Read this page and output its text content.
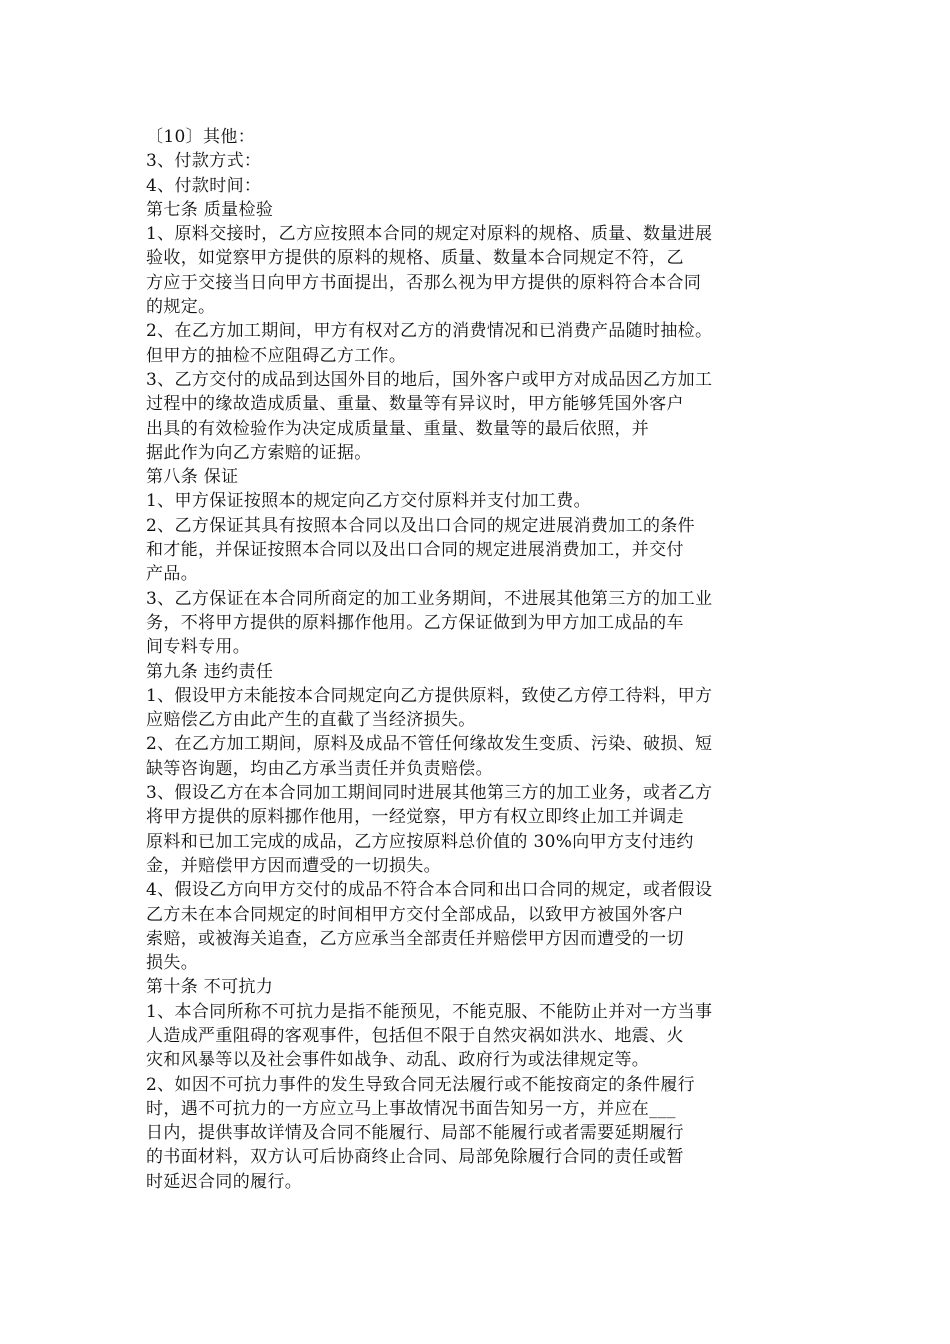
〔10〕其他：
3、付款方式：
4、付款时间：
第七条 质量检验
1、原料交接时，乙方应按照本合同的规定对原料的规格、质量、数量进展
验收，如觉察甲方提供的原料的规格、质量、数量本合同规定不符，乙
方应于交接当日向甲方书面提出，否那么视为甲方提供的原料符合本合同
的规定。
2、在乙方加工期间，甲方有权对乙方的消费情况和已消费产品随时抽检。
但甲方的抽检不应阻碍乙方工作。
3、乙方交付的成品到达国外目的地后，国外客户或甲方对成品因乙方加工
过程中的缘故造成质量、重量、数量等有异议时，甲方能够凭国外客户
出具的有效检验作为决定成质量量、重量、数量等的最后依照，并
据此作为向乙方索赔的证据。
第八条 保证
1、甲方保证按照本的规定向乙方交付原料并支付加工费。
2、乙方保证其具有按照本合同以及出口合同的规定进展消费加工的条件
和才能，并保证按照本合同以及出口合同的规定进展消费加工，并交付
产品。
3、乙方保证在本合同所商定的加工业务期间，不进展其他第三方的加工业
务，不将甲方提供的原料挪作他用。乙方保证做到为甲方加工成品的车
间专料专用。
第九条 违约责任
1、假设甲方未能按本合同规定向乙方提供原料，致使乙方停工待料，甲方
应赔偿乙方由此产生的直截了当经济损失。
2、在乙方加工期间，原料及成品不管任何缘故发生变质、污染、破损、短
缺等咨询题，均由乙方承当责任并负责赔偿。
3、假设乙方在本合同加工期间同时进展其他第三方的加工业务，或者乙方
将甲方提供的原料挪作他用，一经觉察，甲方有权立即终止加工并调走
原料和已加工完成的成品，乙方应按原料总价值的 30%向甲方支付违约
金，并赔偿甲方因而遭受的一切损失。
4、假设乙方向甲方交付的成品不符合本合同和出口合同的规定，或者假设
乙方未在本合同规定的时间相甲方交付全部成品，以致甲方被国外客户
索赔，或被海关追查，乙方应承当全部责任并赔偿甲方因而遭受的一切
损失。
第十条 不可抗力
1、本合同所称不可抗力是指不能预见，不能克服、不能防止并对一方当事
人造成严重阻碍的客观事件，包括但不限于自然灾祸如洪水、地震、火
灾和风暴等以及社会事件如战争、动乱、政府行为或法律规定等。
2、如因不可抗力事件的发生导致合同无法履行或不能按商定的条件履行
时，遇不可抗力的一方应立马上事故情况书面告知另一方，并应在___
日内，提供事故详情及合同不能履行、局部不能履行或者需要延期履行
的书面材料，双方认可后协商终止合同、局部免除履行合同的责任或暂
时延迟合同的履行。
